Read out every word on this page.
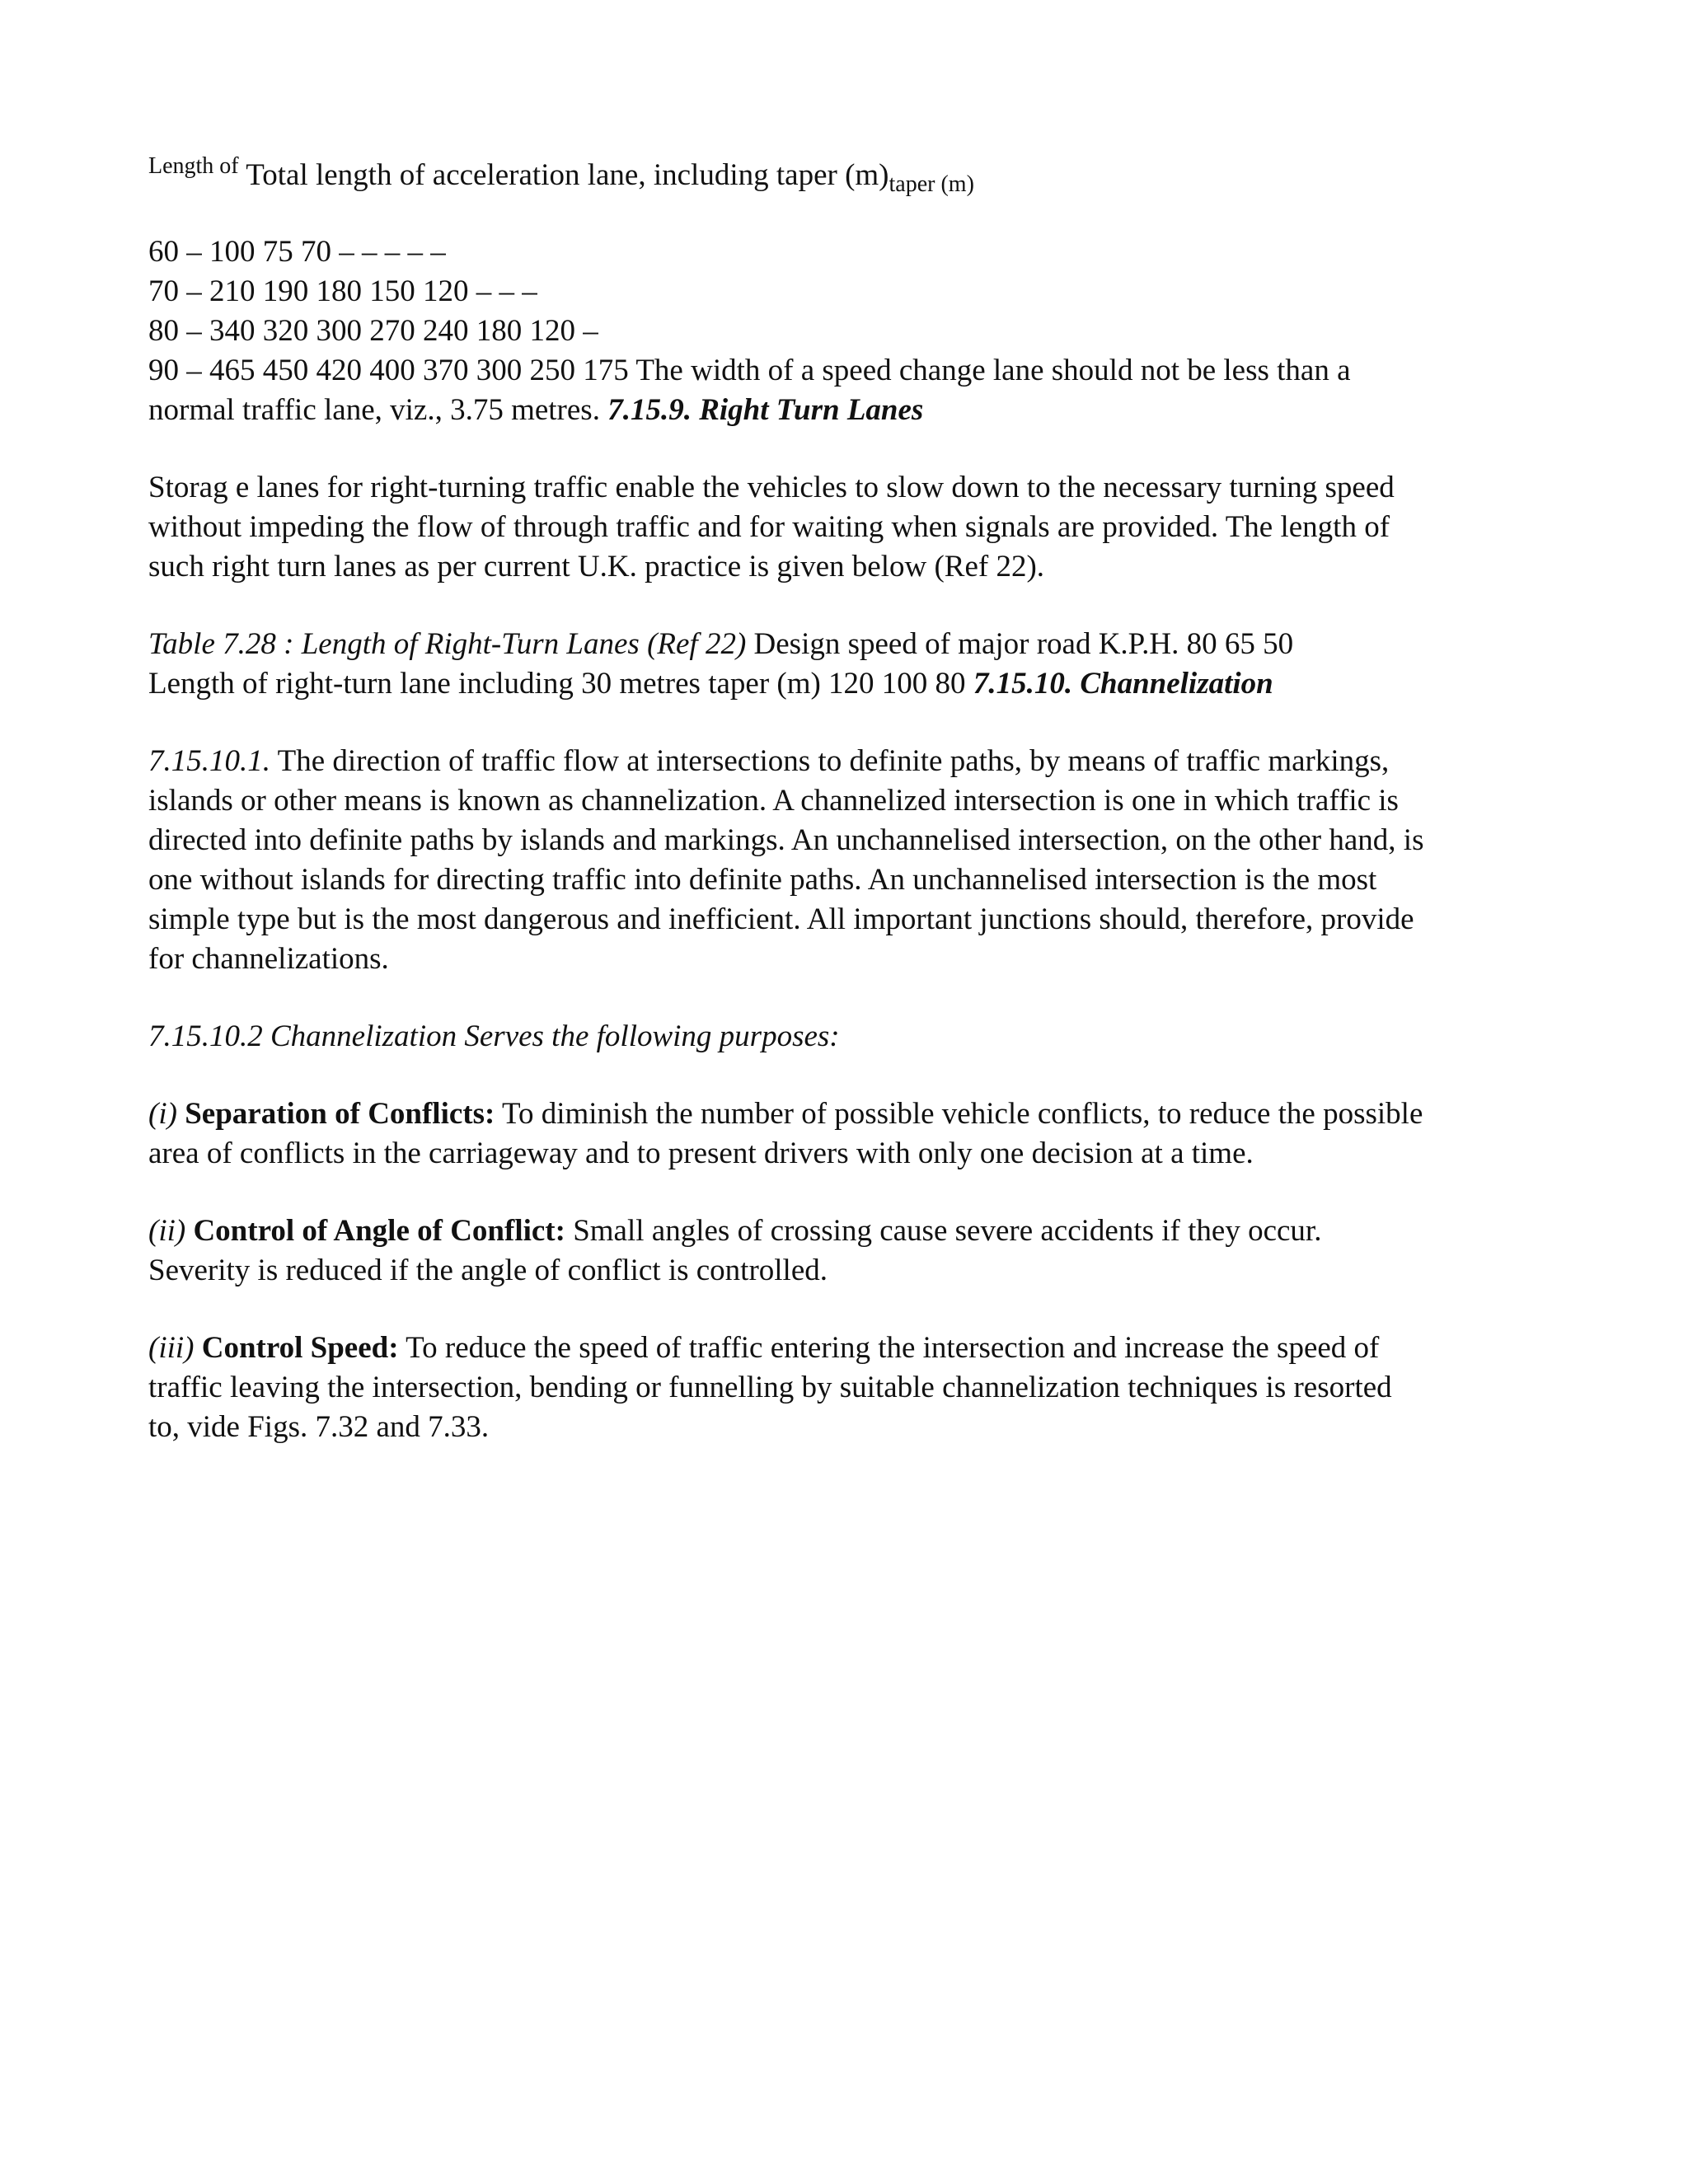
$^{Length of}$ Total length of acceleration lane, including taper $(m)_{taper (m)}$

60 – 100 75 70 – – – – –
70 – 210 190 180 150 120 – – –
80 – 340 320 300 270 240 180 120 –
90 – 465 450 420 400 370 300 250 175 The width of a speed change lane should not be less than a
normal traffic lane, viz., 3.75 metres. 7.15.9. Right Turn Lanes
Storag e lanes for right-turning traffic enable the vehicles to slow down to the necessary turning speed
without impeding the flow of through traffic and for waiting when signals are provided. The length of
such right turn lanes as per current U.K. practice is given below (Ref 22).
Table 7.28 : Length of Right-Turn Lanes (Ref 22) Design speed of major road K.P.H. 80 65 50
Length of right-turn lane including 30 metres taper (m) 120 100 80 7.15.10. Channelization
7.15.10.1. The direction of traffic flow at intersections to definite paths, by means of traffic markings,
islands or other means is known as channelization. A channelized intersection is one in which traffic is
directed into definite paths by islands and markings. An unchannelised intersection, on the other hand, is
one without islands for directing traffic into definite paths. An unchannelised intersection is the most
simple type but is the most dangerous and inefficient. All important junctions should, therefore, provide
for channelizations.
7.15.10.2 Channelization Serves the following purposes:
(i) Separation of Conflicts: To diminish the number of possible vehicle conflicts, to reduce the possible
area of conflicts in the carriageway and to present drivers with only one decision at a time.
(ii) Control of Angle of Conflict: Small angles of crossing cause severe accidents if they occur.
Severity is reduced if the angle of conflict is controlled.
(iii) Control Speed: To reduce the speed of traffic entering the intersection and increase the speed of
traffic leaving the intersection, bending or funnelling by suitable channelization techniques is resorted
to, vide Figs. 7.32 and 7.33.
